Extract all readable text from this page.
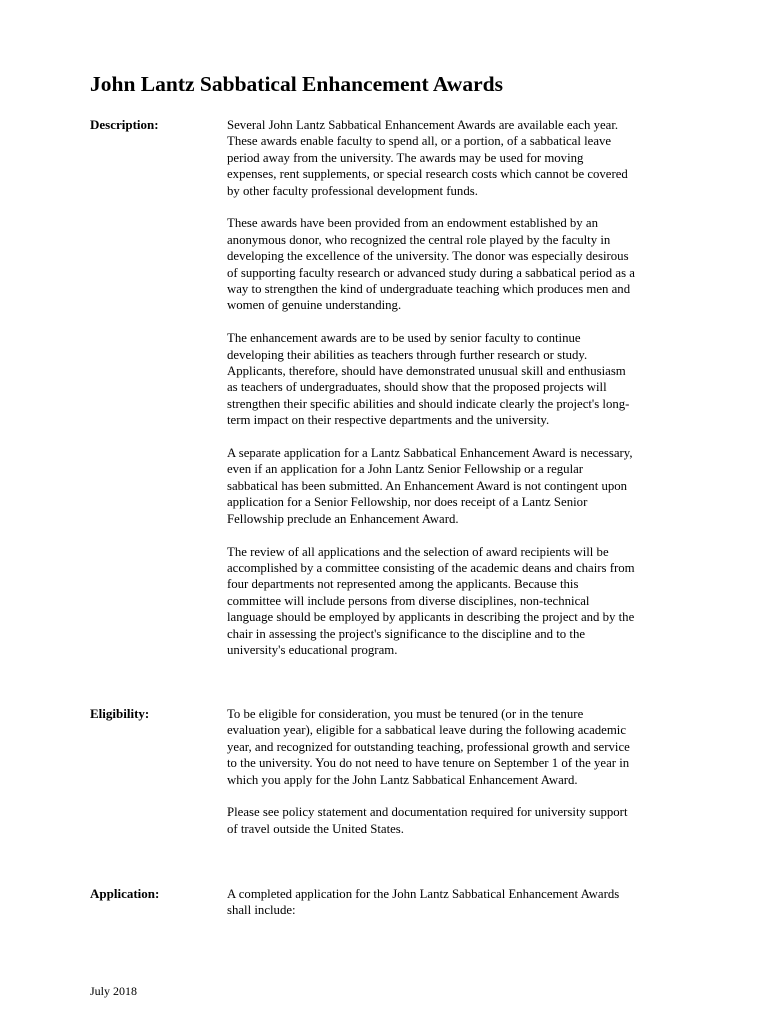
John Lantz Sabbatical Enhancement Awards
Description:	Several John Lantz Sabbatical Enhancement Awards are available each year. These awards enable faculty to spend all, or a portion, of a sabbatical leave period away from the university. The awards may be used for moving expenses, rent supplements, or special research costs which cannot be covered by other faculty professional development funds.

These awards have been provided from an endowment established by an anonymous donor, who recognized the central role played by the faculty in developing the excellence of the university. The donor was especially desirous of supporting faculty research or advanced study during a sabbatical period as a way to strengthen the kind of undergraduate teaching which produces men and women of genuine understanding.

The enhancement awards are to be used by senior faculty to continue developing their abilities as teachers through further research or study. Applicants, therefore, should have demonstrated unusual skill and enthusiasm as teachers of undergraduates, should show that the proposed projects will strengthen their specific abilities and should indicate clearly the project's long-term impact on their respective departments and the university.

A separate application for a Lantz Sabbatical Enhancement Award is necessary, even if an application for a John Lantz Senior Fellowship or a regular sabbatical has been submitted. An Enhancement Award is not contingent upon application for a Senior Fellowship, nor does receipt of a Lantz Senior Fellowship preclude an Enhancement Award.

The review of all applications and the selection of award recipients will be accomplished by a committee consisting of the academic deans and chairs from four departments not represented among the applicants. Because this committee will include persons from diverse disciplines, non-technical language should be employed by applicants in describing the project and by the chair in assessing the project's significance to the discipline and to the university's educational program.

Eligibility:	To be eligible for consideration, you must be tenured (or in the tenure evaluation year), eligible for a sabbatical leave during the following academic year, and recognized for outstanding teaching, professional growth and service to the university. You do not need to have tenure on September 1 of the year in which you apply for the John Lantz Sabbatical Enhancement Award.

Please see policy statement and documentation required for university support of travel outside the United States.

Application:	A completed application for the John Lantz Sabbatical Enhancement Awards shall include:

July 2018
